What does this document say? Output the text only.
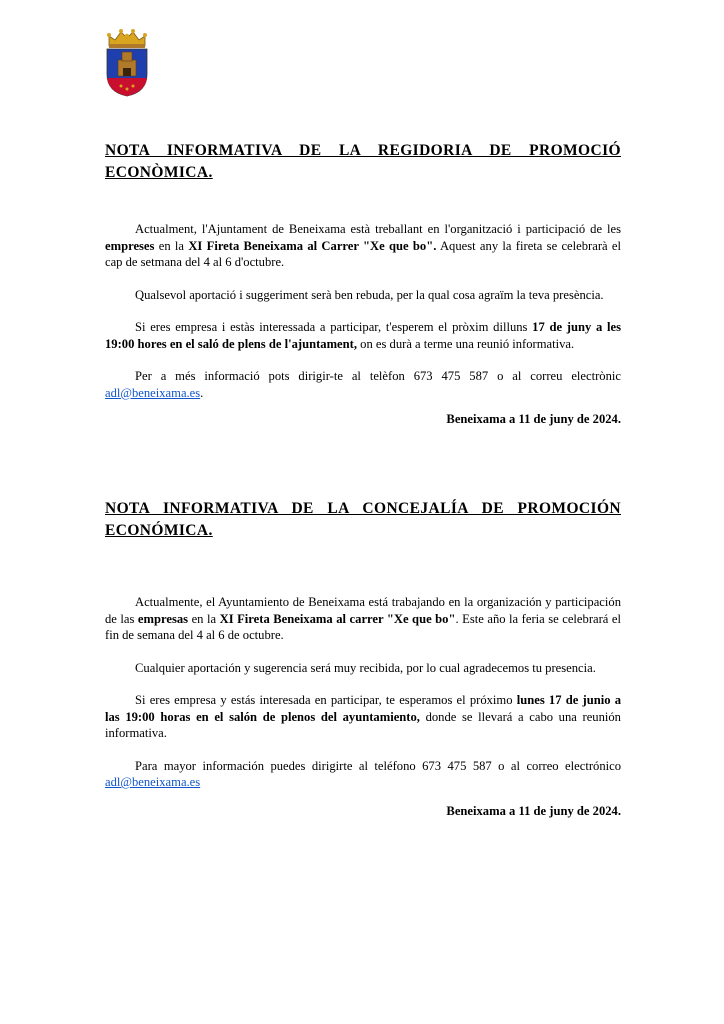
NOTA INFORMATIVA DE LA REGIDORIA DE PROMOCIÓ
ECONÒMICA.

Actualment, l'Ajuntament de Beneixama està treballant en l'organització i participació de les empreses en la XI Fireta Beneixama al Carrer "Xe que bo". Aquest any la fireta se celebrarà el cap de setmana del 4 al 6 d'octubre.

Qualsevol aportació i suggeriment serà ben rebuda, per la qual cosa agraïm la teva presència.

Si eres empresa i estàs interessada a participar, t'esperem el pròxim dilluns 17 de juny a les 19:00 hores en el saló de plens de l'ajuntament, on es durà a terme una reunió informativa.

Per a més informació pots dirigir-te al telèfon 673 475 587 o al correu electrònic adl@beneixama.es.

Beneixama a 11 de juny de 2024.
NOTA INFORMATIVA DE LA CONCEJALÍA DE PROMOCIÓN
ECONÓMICA.

Actualmente, el Ayuntamiento de Beneixama está trabajando en la organización y participación de las empresas en la XI Fireta Beneixama al carrer "Xe que bo". Este año la feria se celebrará el fin de semana del 4 al 6 de octubre.

Cualquier aportación y sugerencia será muy recibida, por lo cual agradecemos tu presencia.

Si eres empresa y estás interesada en participar, te esperamos el próximo lunes 17 de junio a las 19:00 horas en el salón de plenos del ayuntamiento, donde se llevará a cabo una reunión informativa.

Para mayor información puedes dirigirte al teléfono 673 475 587 o al correo electrónico adl@beneixama.es

Beneixama a 11 de juny de 2024.
